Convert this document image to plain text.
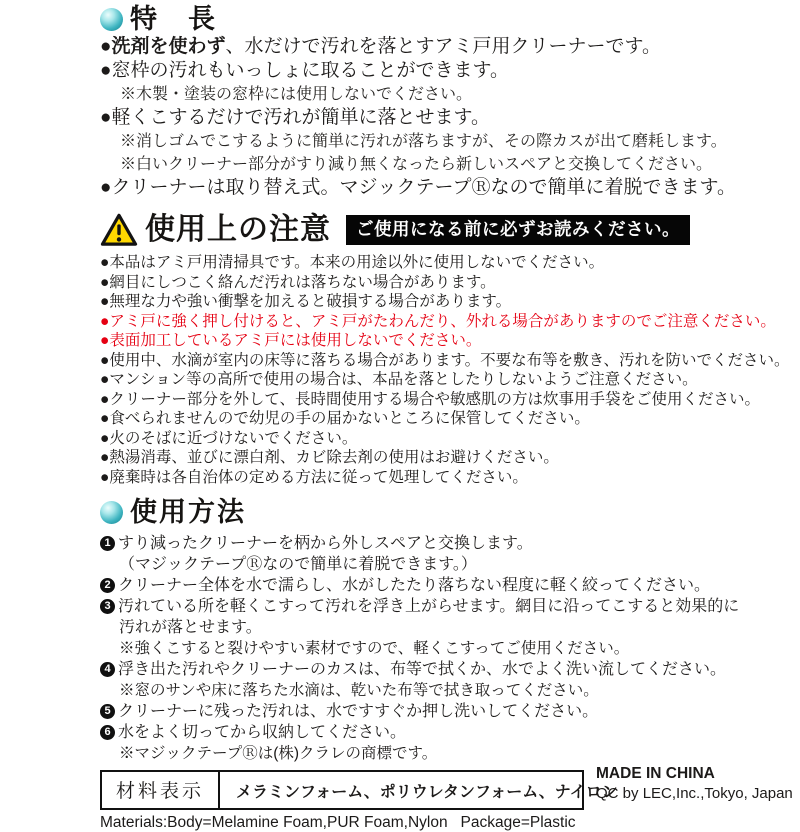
特　長
●洗剤を使わず、水だけで汚れを落とすアミ戸用クリーナーです。
●窓枠の汚れもいっしょに取ることができます。
※木製・塗装の窓枠には使用しないでください。
●軽くこするだけで汚れが簡単に落とせます。
※消しゴムでこするように簡単に汚れが落ちますが、その際カスが出て磨耗します。
※白いクリーナー部分がすり減り無くなったら新しいスペアと交換してください。
●クリーナーは取り替え式。マジックテープⓇなので簡単に着脱できます。
使用上の注意	ご使用になる前に必ずお読みください。
●本品はアミ戸用清掃具です。本来の用途以外に使用しないでください。
●網目にしつこく絡んだ汚れは落ちない場合があります。
●無理な力や強い衝撃を加えると破損する場合があります。
●アミ戸に強く押し付けると、アミ戸がたわんだり、外れる場合がありますのでご注意ください。
●表面加工しているアミ戸には使用しないでください。
●使用中、水滴が室内の床等に落ちる場合があります。不要な布等を敷き、汚れを防いでください。
●マンション等の高所で使用の場合は、本品を落としたりしないようご注意ください。
●クリーナー部分を外して、長時間使用する場合や敏感肌の方は炊事用手袋をご使用ください。
●食べられませんので幼児の手の届かないところに保管してください。
●火のそばに近づけないでください。
●熱湯消毒、並びに漂白剤、カビ除去剤の使用はお避けください。
●廃棄時は各自治体の定める方法に従って処理してください。
使用方法
1 すり減ったクリーナーを柄から外しスペアと交換します。
（マジックテープⓇなので簡単に着脱できます。）
2 クリーナー全体を水で濡らし、水がしたたり落ちない程度に軽く絞ってください。
3 汚れている所を軽くこすって汚れを浮き上がらせます。網目に沿ってこすると効果的に
汚れが落とせます。
※強くこすると裂けやすい素材ですので、軽くこすってご使用ください。
4 浮き出た汚れやクリーナーのカスは、布等で拭くか、水でよく洗い流してください。
※窓のサンや床に落ちた水滴は、乾いた布等で拭き取ってください。
5 クリーナーに残った汚れは、水ですすぐか押し洗いしてください。
6 水をよく切ってから収納してください。
※マジックテープⓇは(株)クラレの商標です。
材料表示	メラミンフォーム、ポリウレタンフォーム、ナイロン
MADE IN CHINA
QC by LEC,Inc.,Tokyo, Japan
Materials:Body=Melamine Foam,PUR Foam,Nylon   Package=Plastic
